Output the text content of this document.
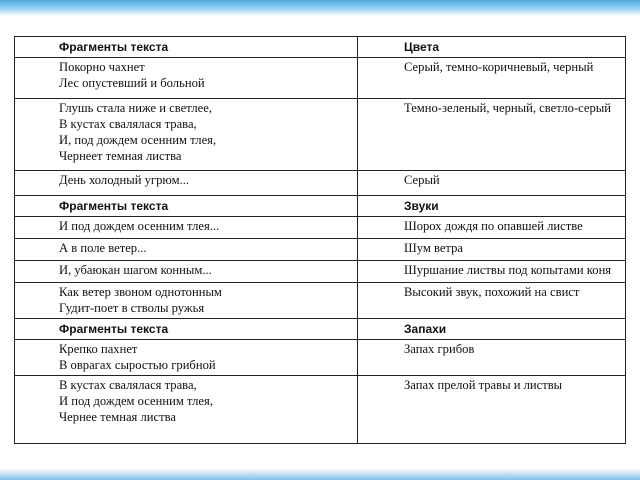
Фрагменты текста	Цвета

Покорно чахнет
Лес опустевший и больной	Серый, темно-коричневый, черный

Глушь стала ниже и светлее,
В кустах свалялася трава,
И, под дождем осенним тлея,
Чернеет темная листва	Темно-зеленый, черный, светло-серый

День холодный угрюм...	Серый

Фрагменты текста	Звуки

И под дождем осенним тлея...	Шорох дождя по опавшей листве

А в поле ветер...	Шум ветра

И, убаюкан шагом конным...	Шуршание листвы под копытами коня

Как ветер звоном однотонным
Гудит-поет в стволы ружья	Высокий звук, похожий на свист

Фрагменты текста	Запахи

Крепко пахнет
В оврагах сыростью грибной	Запах грибов

В кустах свалялася трава,
И под дождем осенним тлея,
Чернее темная листва	Запах прелой травы и листвы
